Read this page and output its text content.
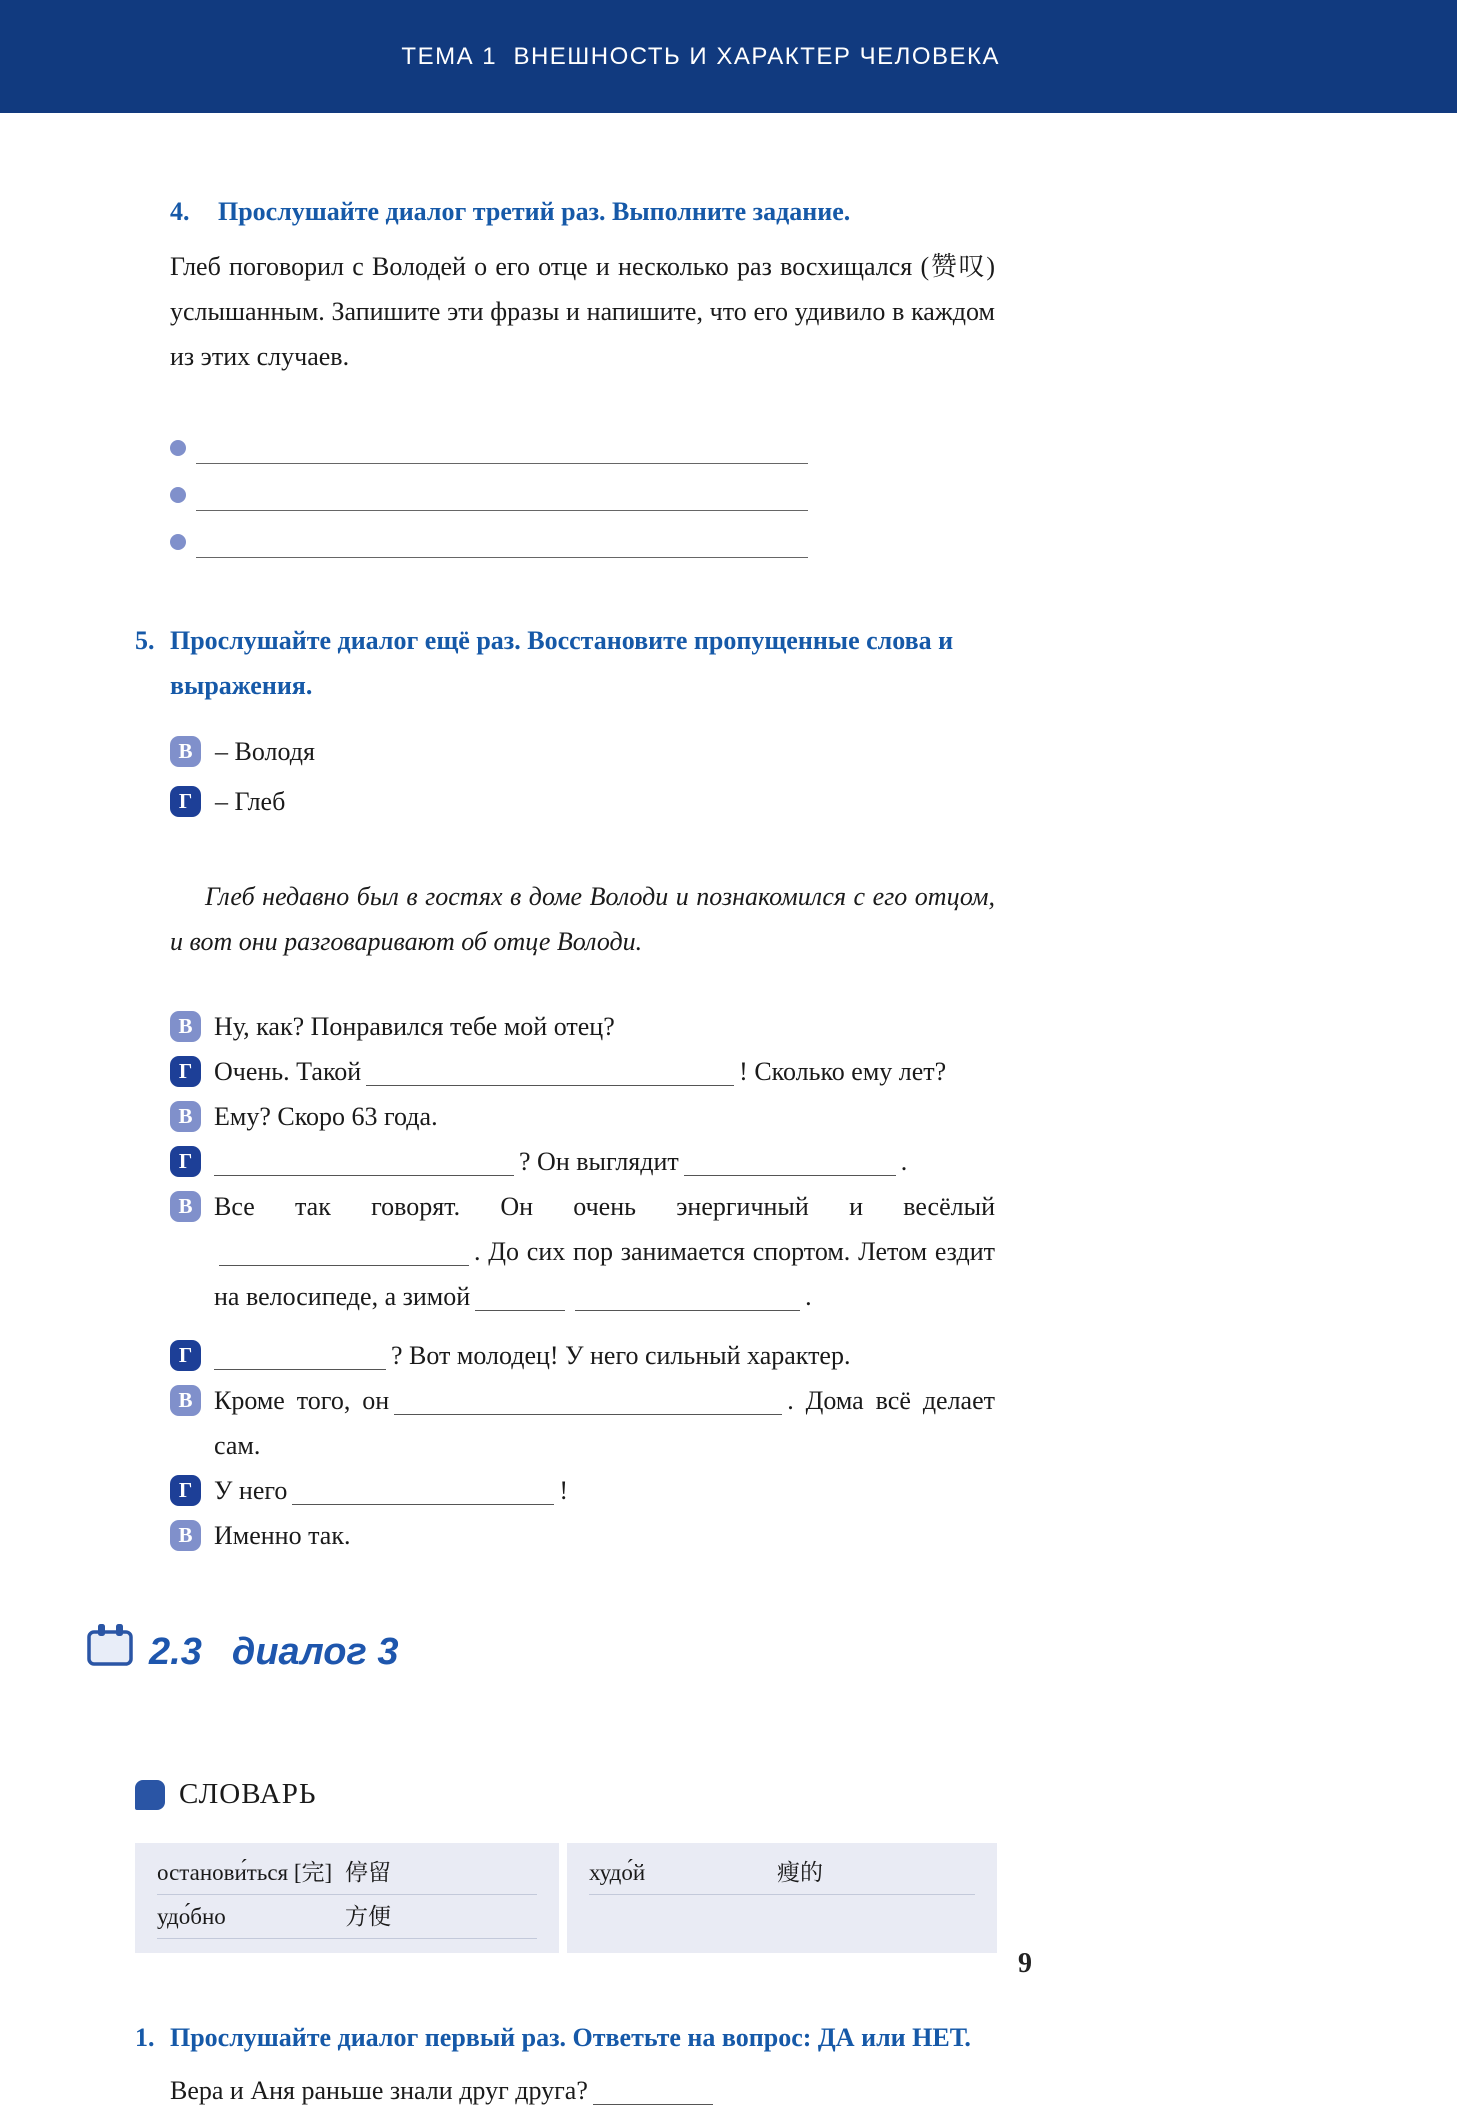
ТЕМА 1  ВНЕШНОСТЬ И ХАРАКТЕР ЧЕЛОВЕКА
4.	Прослушайте диалог третий раз. Выполните задание.

Глеб поговорил с Володей о его отце и несколько раз восхищался (赞叹) услышанным. Запишите эти фразы и напишите, что его удивило в каждом из этих случаев.

5. Прослушайте диалог ещё раз. Восстановите пропущенные слова и выражения.
В – Володя
Г – Глеб

Глеб недавно был в гостях в доме Володи и познакомился с его отцом, и вот они разговаривают об отце Володи.

В Ну, как? Понравился тебе мой отец?

Г Очень. Такой	! Сколько ему лет?

В Ему? Скоро 63 года.

Г	? Он выглядит	.

В Все так говорят. Он очень энергичный и весёлый. До сих пор занимается спортом. Летом ездит на велосипеде, а зимой	.

Г	? Вот молодец! У него сильный характер.

В Кроме того, он	. Дома всё делает сам.

Г У него	!

В Именно так.

2.3 диалог 3
СЛОВАРЬ
останови́ться [完] 停留
удо́бно	方便
худо́й	瘦的
1. Прослушайте диалог первый раз. Ответьте на вопрос: ДА или НЕТ.

Вера и Аня раньше знали друг друга?

9
